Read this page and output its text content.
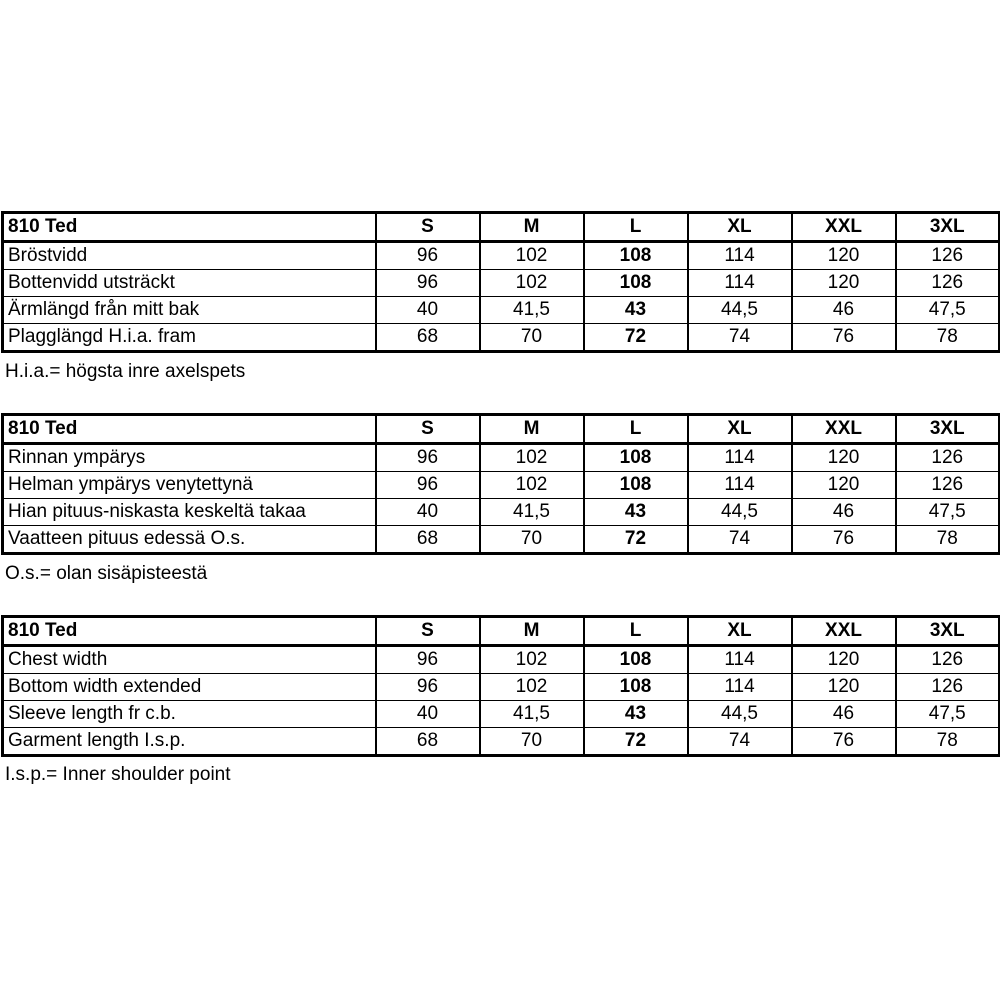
810 Ted	S	M	L	XL	XXL	3XL
Bröstvidd	96	102	108	114	120	126
Bottenvidd utsträckt	96	102	108	114	120	126
Ärmlängd från mitt bak	40	41,5	43	44,5	46	47,5
Plagglängd H.i.a. fram	68	70	72	74	76	78
H.i.a.= högsta inre axelspets
810 Ted	S	M	L	XL	XXL	3XL
Rinnan ympärys	96	102	108	114	120	126
Helman ympärys venytettynä	96	102	108	114	120	126
Hian pituus-niskasta keskeltä takaa	40	41,5	43	44,5	46	47,5
Vaatteen pituus edessä O.s.	68	70	72	74	76	78
O.s.= olan sisäpisteestä
810 Ted	S	M	L	XL	XXL	3XL
Chest width	96	102	108	114	120	126
Bottom width extended	96	102	108	114	120	126
Sleeve length fr c.b.	40	41,5	43	44,5	46	47,5
Garment length I.s.p.	68	70	72	74	76	78
I.s.p.= Inner shoulder point
